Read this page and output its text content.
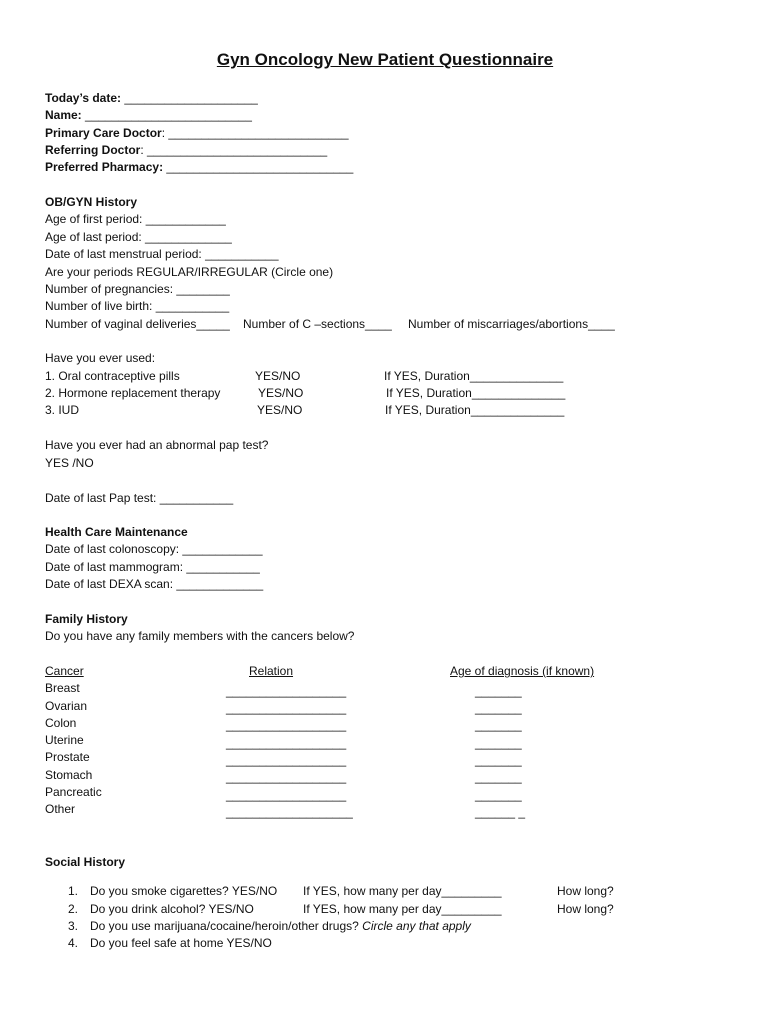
Gyn Oncology New Patient Questionnaire
Today’s date: ____________________
Name: _________________________
Primary Care Doctor: ___________________________
Referring Doctor: ___________________________
Preferred Pharmacy: ____________________________
OB/GYN History
Age of first period: ____________
Age of last period: _____________
Date of last menstrual period: ___________
Are your periods REGULAR/IRREGULAR (Circle one)
Number of pregnancies: ________
Number of live birth: ___________
Number of vaginal deliveries_____ Number of C –sections____ Number of miscarriages/abortions____
Have you ever used:
1. Oral contraceptive pills	YES/NO	If YES, Duration______________
2. Hormone replacement therapy	YES/NO	If YES, Duration______________
3. IUD	YES/NO	If YES, Duration______________
Have you ever had an abnormal pap test?
YES /NO
Date of last Pap test: ___________
Health Care Maintenance
Date of last colonoscopy: ____________
Date of last mammogram: ___________
Date of last DEXA scan: _____________
Family History
Do you have any family members with the cancers below?
Cancer	Relation	Age of diagnosis (if known)
Breast	__________________	_______
Ovarian	__________________	_______
Colon	__________________	_______
Uterine	__________________	_______
Prostate	__________________	_______
Stomach	__________________	_______
Pancreatic	__________________	_______
Other	___________________	______ _
Social History
1. Do you smoke cigarettes? YES/NO If YES, how many per day_________	How long?
2. Do you drink alcohol? YES/NO	If YES, how many per day_________	How long?
3. Do you use marijuana/cocaine/heroin/other drugs? Circle any that apply
4. Do you feel safe at home YES/NO
